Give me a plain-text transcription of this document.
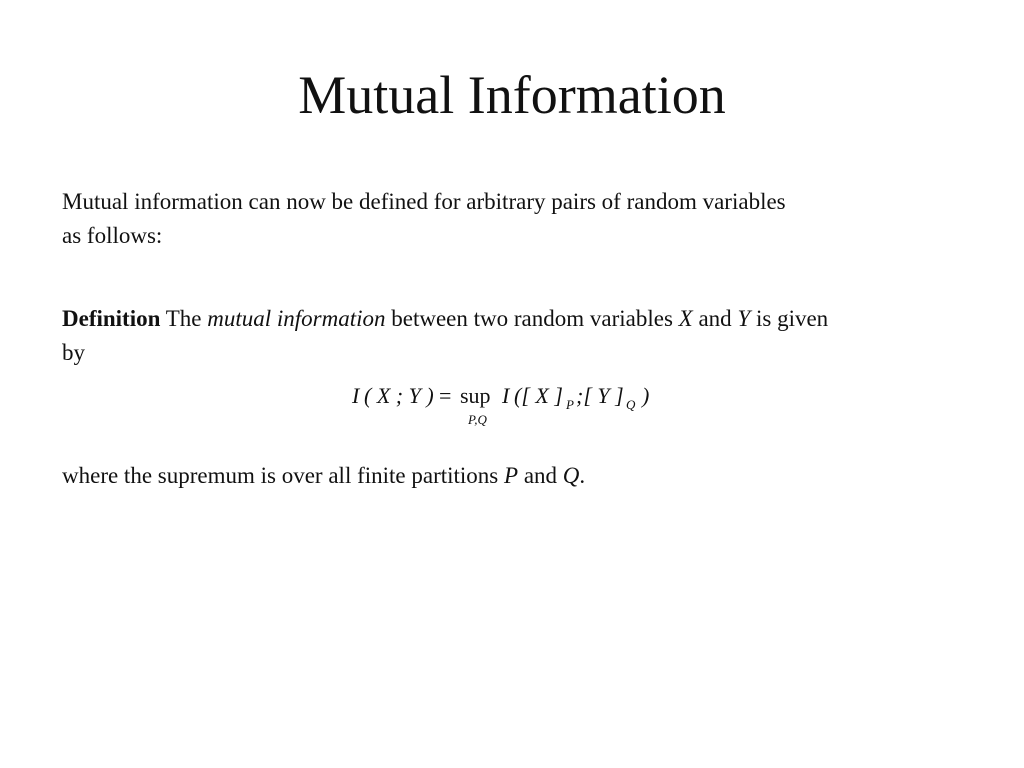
Mutual Information

Mutual information can now be defined for arbitrary pairs of random variables
as follows:

Definition The mutual information between two random variables X and Y is given
by

I ( X ; Y ) = sup
P,Q
I ([ X ] P ;[ Y ] Q )

where the supremum is over all finite partitions P and Q.
